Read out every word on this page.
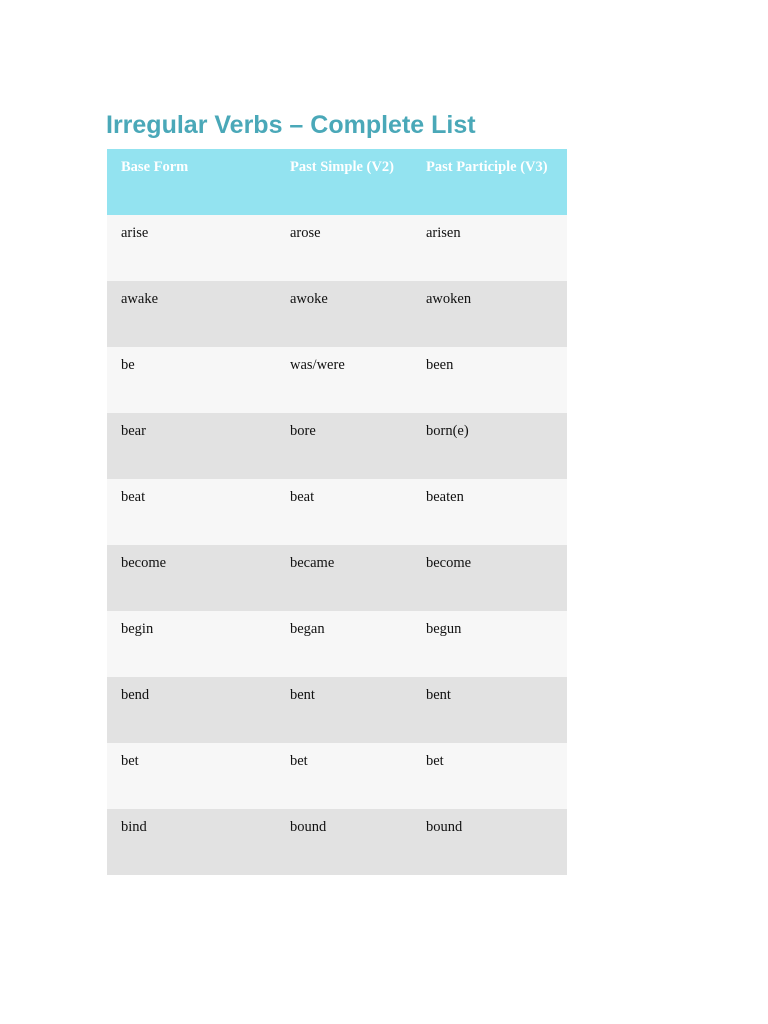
Irregular Verbs – Complete List
Base Form	Past Simple (V2)	Past Participle (V3)
arise	arose	arisen
awake	awoke	awoken
be	was/were	been
bear	bore	born(e)
beat	beat	beaten
become	became	become
begin	began	begun
bend	bent	bent
bet	bet	bet
bind	bound	bound
